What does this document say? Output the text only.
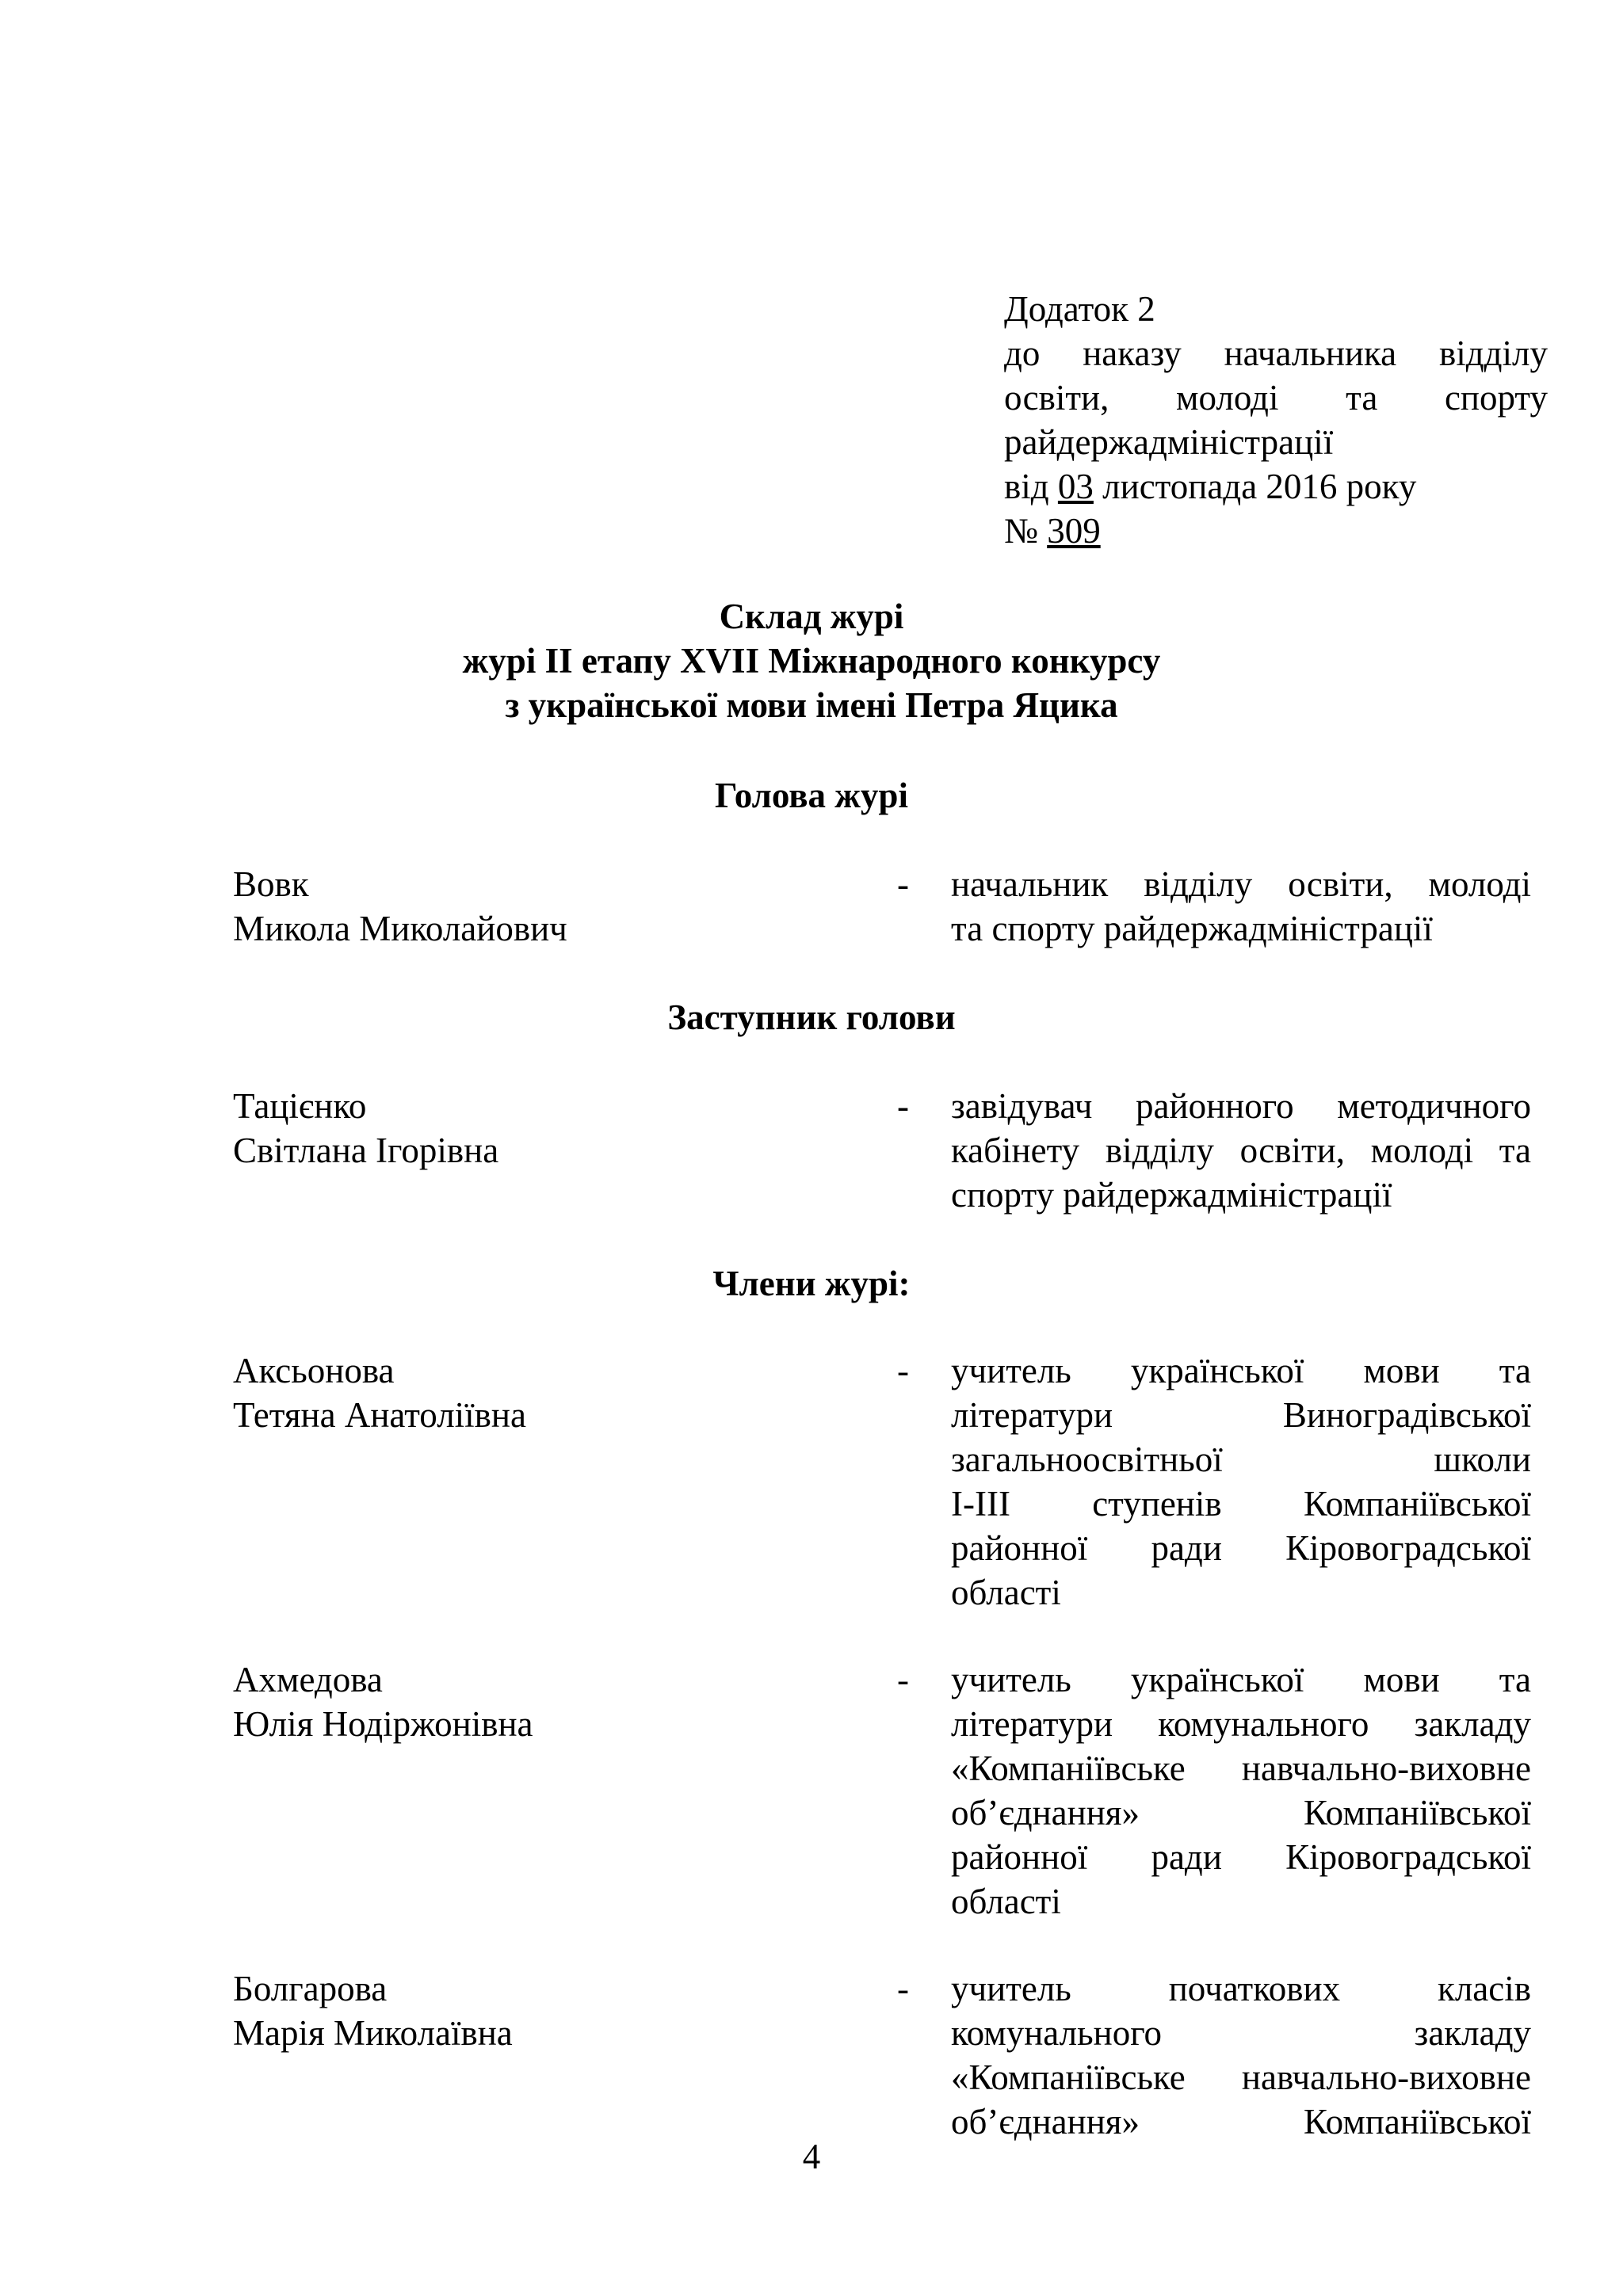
Додаток 2
до наказу начальника відділу
освіти, молоді та спорту
райдержадміністрації
від 03 листопада 2016 року
№ 309
Склад журі
журі ІІ етапу XVІІ Міжнародного конкурсу
з української мови імені Петра Яцика
Голова журі
Вовк
Микола Миколайович
- начальник відділу освіти, молоді
та спорту райдержадміністрації
Заступник голови
Тацієнко
Світлана Ігорівна
- завідувач районного методичного
кабінету відділу освіти, молоді та
спорту райдержадміністрації
Члени журі:
Аксьонова
Тетяна Анатоліївна
- учитель української мови та
літератури Виноградівської
загальноосвітньої школи
І-ІІІ ступенів Компаніївської
районної ради Кіровоградської
області
Ахмедова
Юлія Нодіржонівна
- учитель української мови та
літератури комунального закладу
«Компаніївське навчально-виховне
об’єднання» Компаніївської
районної ради Кіровоградської
області
Болгарова
Марія Миколаївна
- учитель початкових класів
комунального закладу
«Компаніївське навчально-виховне
об’єднання» Компаніївської
4
